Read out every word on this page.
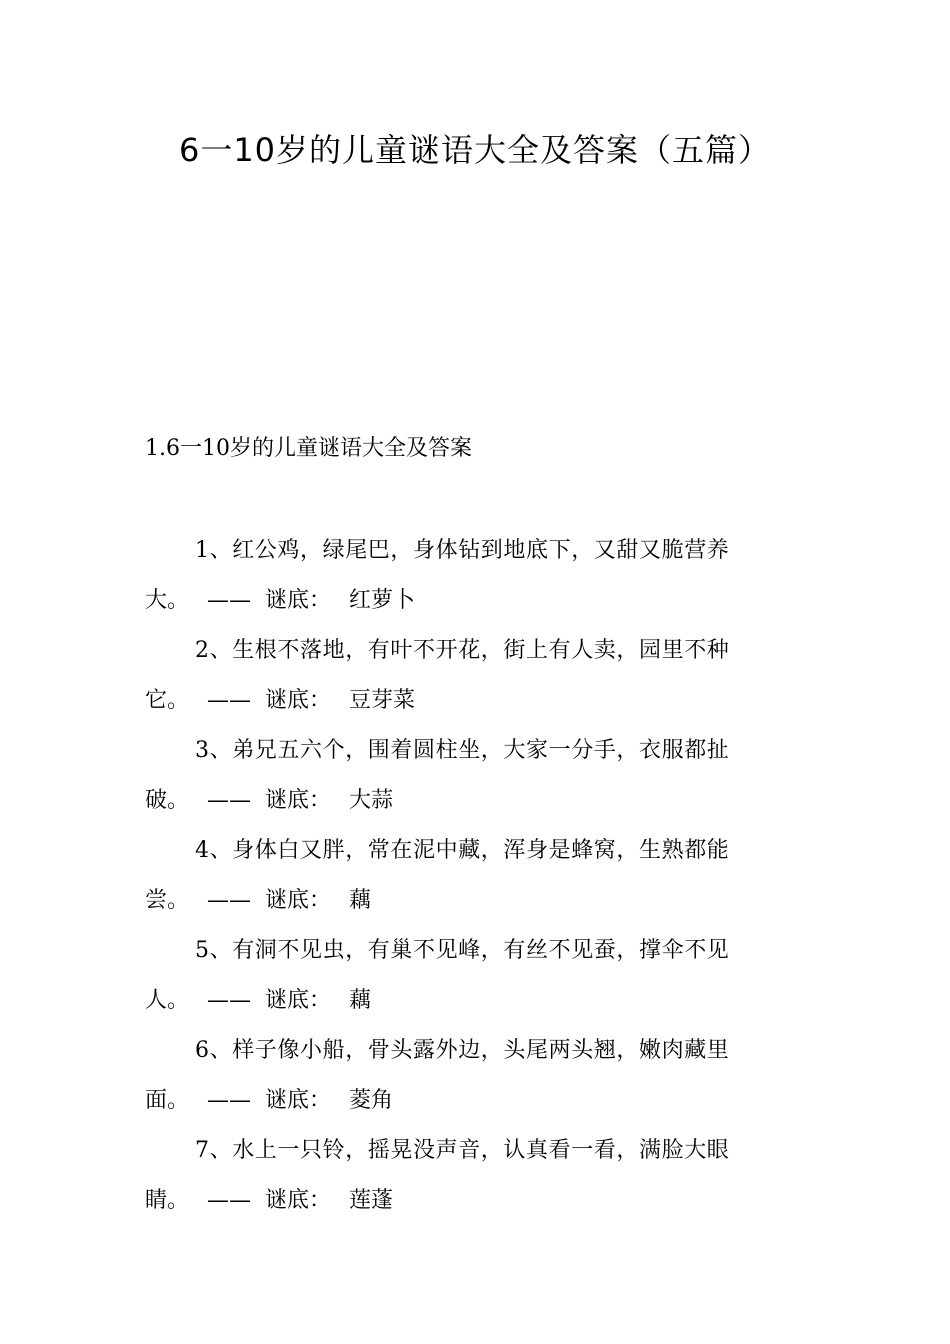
6一10岁的儿童谜语大全及答案（五篇）
1.6一10岁的儿童谜语大全及答案
1、红公鸡，绿尾巴，身体钻到地底下，又甜又脆营养
大。 —— 谜底： 红萝卜
2、生根不落地，有叶不开花，街上有人卖，园里不种
它。 —— 谜底： 豆芽菜
3、弟兄五六个，围着圆柱坐，大家一分手，衣服都扯
破。 —— 谜底： 大蒜
4、身体白又胖，常在泥中藏，浑身是蜂窝，生熟都能
尝。 —— 谜底： 藕
5、有洞不见虫，有巢不见峰，有丝不见蚕，撑伞不见
人。 —— 谜底： 藕
6、样子像小船，骨头露外边，头尾两头翘，嫩肉藏里
面。 —— 谜底： 菱角
7、水上一只铃，摇晃没声音，认真看一看，满脸大眼
睛。 —— 谜底： 莲蓬
